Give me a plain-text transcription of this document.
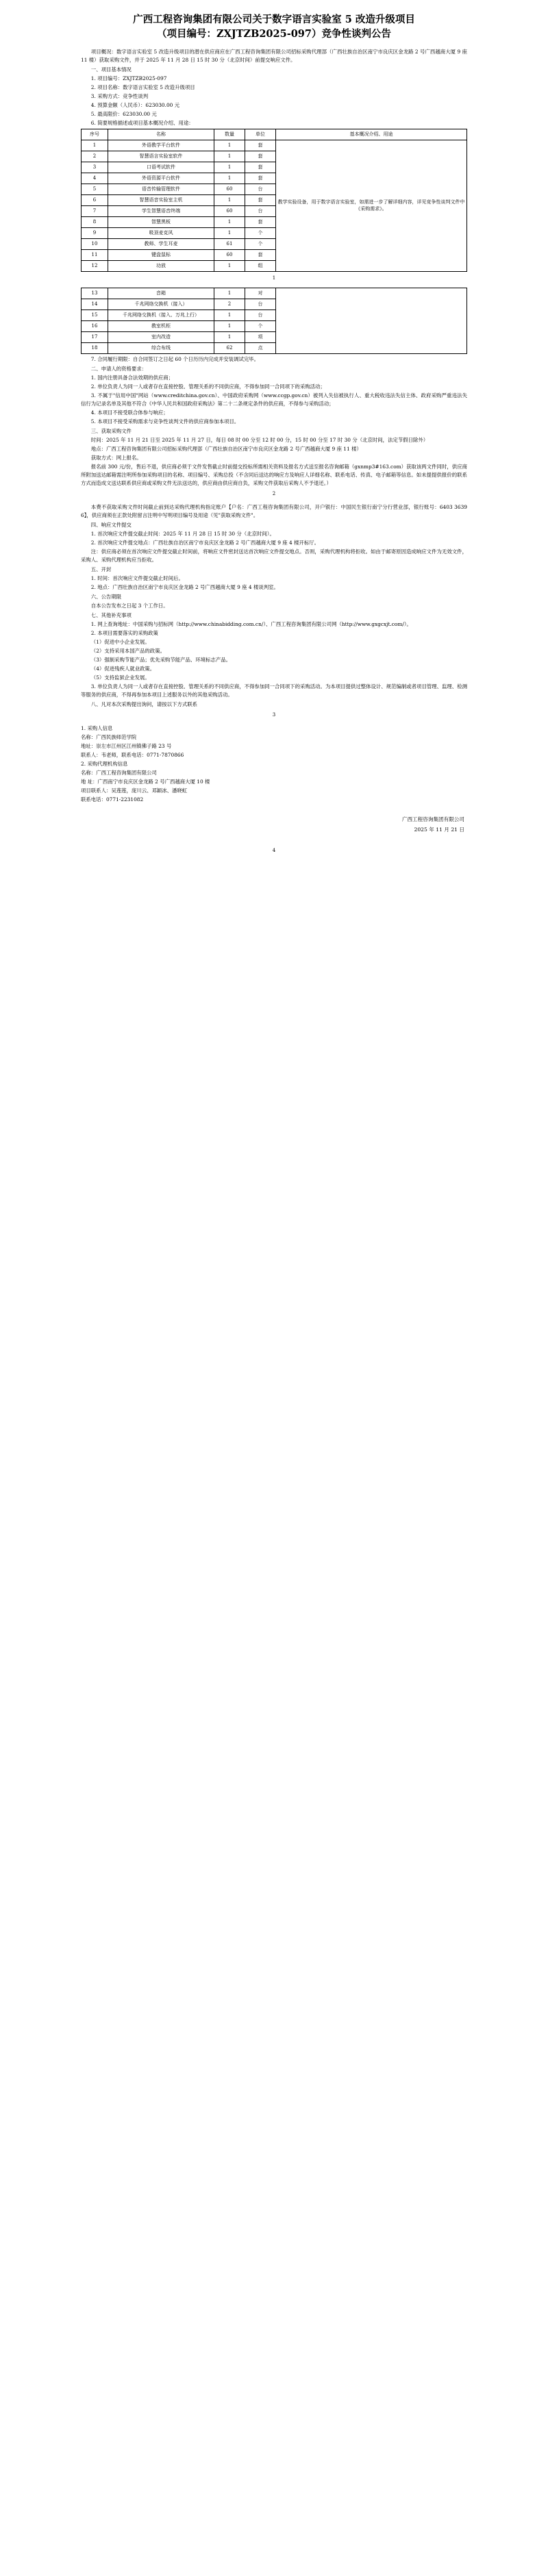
广西工程咨询集团有限公司关于数字语言实验室 5 改造升级项目
（项目编号：ZXJTZB2025-097）竞争性谈判公告

项目概况：数字语言实验室 5 改造升级项目的潜在供应商应在广西工程咨询集团有限公司招标采购代理部（广西壮族自治区南宁市良庆区金龙路 2 号广西越商大厦 9 座 11 楼）获取采购文件，并于 2025 年 11 月 28 日 15 时 30 分（北京时间）前提交响应文件。

一、项目基本情况

1. 项目编号：ZXJTZB2025-097

2. 项目名称：数字语言实验室 5 改造升级项目

3. 采购方式：竞争性谈判

4. 预算金额（人民币）：623030.00 元

5. 最高限价：623030.00 元

6. 简要规格描述或项目基本概况介绍、用途：

序号	名称	数量	单位	基本概况介绍、用途
1	外语教学平台软件	1	套	教学实验设备，用于数字语言实验室，如需进一步了解详细内容，详见竞争性谈判文件中《采购需求》。
2	智慧语言实验室软件	1	套	
3	口语考试软件	1	套	
4	外语资源平台软件	1	套	
5	语音传输管理软件	60	台	
6	智慧语音实验室主机	1	套	
7	学生智慧语音终端	60	台	
8	智慧黑板	1	套	
9	吸顶麦克风	1	个	
10	教师、学生耳麦	61	个	
11	键盘鼠标	60	套	
12	功放	1	组	
1
13	音箱	1	对	
14	千兆网络交换机（接入）	2	台	
15	千兆网络交换机（接入、万兆上行）	1	台	
16	教室机柜	1	个	
17	室内改造	1	项	
18	综合布线	62	点	

7. 合同履行期限：自合同签订之日起 60 个日历历内完成并安装调试完毕。

二、申请人的资格要求：

1. 国内注册具备合法效期的供应商；

2. 单位负责人为同一人或者存在直接控股、管理关系的不同供应商，不得参加同一合同项下的采购活动；

3. 不属于"信用中国"网站（www.creditchina.gov.cn）、中国政府采购网（www.ccgp.gov.cn）被列入失信被执行人、重大税收违法失信主体、政府采购严重违法失信行为记录名单及其他不符合《中华人民共和国政府采购法》第二十二条规定条件的供应商，不得参与采购活动；

4. 本项目不接受联合体参与响应；

5. 本项目不接受采购需求与竞争性谈判文件的供应商参加本项目。

三、获取采购文件

时间：2025 年 11 月 21 日至 2025 年 11 月 27 日，每日 08 时 00 分至 12 时 00 分，15 时 00 分至 17 时 30 分（北京时间，法定节假日除外）

地点：广西工程咨询集团有限公司招标采购代理部（广西壮族自治区南宁市良庆区金龙路 2 号广西越商大厦 9 座 11 楼）

获取方式：网上报名。

报名前 300 元/份，售后不退，供应商必须于文件发售截止时前提交投标所需相关资料及报名方式送至报名咨询邮箱（gxnmp3#163.com）获取该两文件同时，供应商所附加送达邮箱需注明所参加采购项目的名称、项目编号、采购总投（不含同后送达的响应方及响应人详细名称、联系电话、传真、电子邮箱等信息。如未提提供报价的联系方式而造成文送达联系供应商或采购文件无法送达的，供应商由供应商自负，采购文件获取后采购人不予退还。）

2

本费不获取采购文件时间截止前到达采购代理机构指定账户【户名：广西工程咨询集团有限公司，开户银行：中国民生银行南宁分行营业部，银行账号：6403 3639 6】，供应商须在正款处附留言注明中写明项目编号及用途（见"获取采购文件"。

四、响应文件提交

1. 首次响应文件提交截止时间：2025 年 11 月 28 日 15 时 30 分（北京时间）。

2. 首次响应文件提交地点：广西壮族自治区南宁市良庆区金龙路 2 号广西越商大厦 9 座 4 楼开标厅。

注：供应商必须在首次响应文件提交截止时间前，将响应文件密封送达首次响应文件提交地点。否则，采购代理机构将拒收。如由于邮寄原因造成响应文件为无效文件，采购人、采购代理机构应当拒收。

五、开封

1. 时间：首次响应文件提交截止时间后。

2. 地点：广西壮族自治区南宁市良庆区金龙路 2 号广西越商大厦 9 座 4 楼谈判室。

六、公告期限

自本公告发布之日起 3 个工作日。

七、其他补充事项

1. 网上查询地址：中国采购与招标网（http://www.chinabidding.com.cn/）、广西工程咨询集团有限公司网（http://www.gxgcxjt.com/）。

2. 本项目需要落实的采购政策

（1）促进中小企业发展。

（2）支持采用本国产品的政策。

（3）强制采购节能产品；优先采购节能产品、环境标志产品。

（4）促进残疾人就业政策。

（5）支持监狱企业发展。

3. 单位负责人为同一人或者存在直接控股、管理关系的不同供应商，不得参加同一合同项下的采购活动。为本项目提供过整体设计、规范编制或者项目管理、监理、检测等服务的供应商，不得再参加本项目上述服务以外的其他采购活动。

八、凡对本次采购提出询问，请按以下方式联系

3

1. 采购人信息

名称：广西民族师范学院

地址：崇左市江州区江州镇佛子路 23 号

联系人：韦老师，联系电话：0771-7870866

2. 采购代理机构信息

名称：广西工程咨询集团有限公司

地 址：广西南宁市良庆区金龙路 2 号广西越商大厦 10 楼

项目联系人：吴莲莲，庞川云、邓颖冰、潘晓虹

联系电话：0771-2231082

广西工程咨询集团有限公司
2025 年 11 月 21 日
4
